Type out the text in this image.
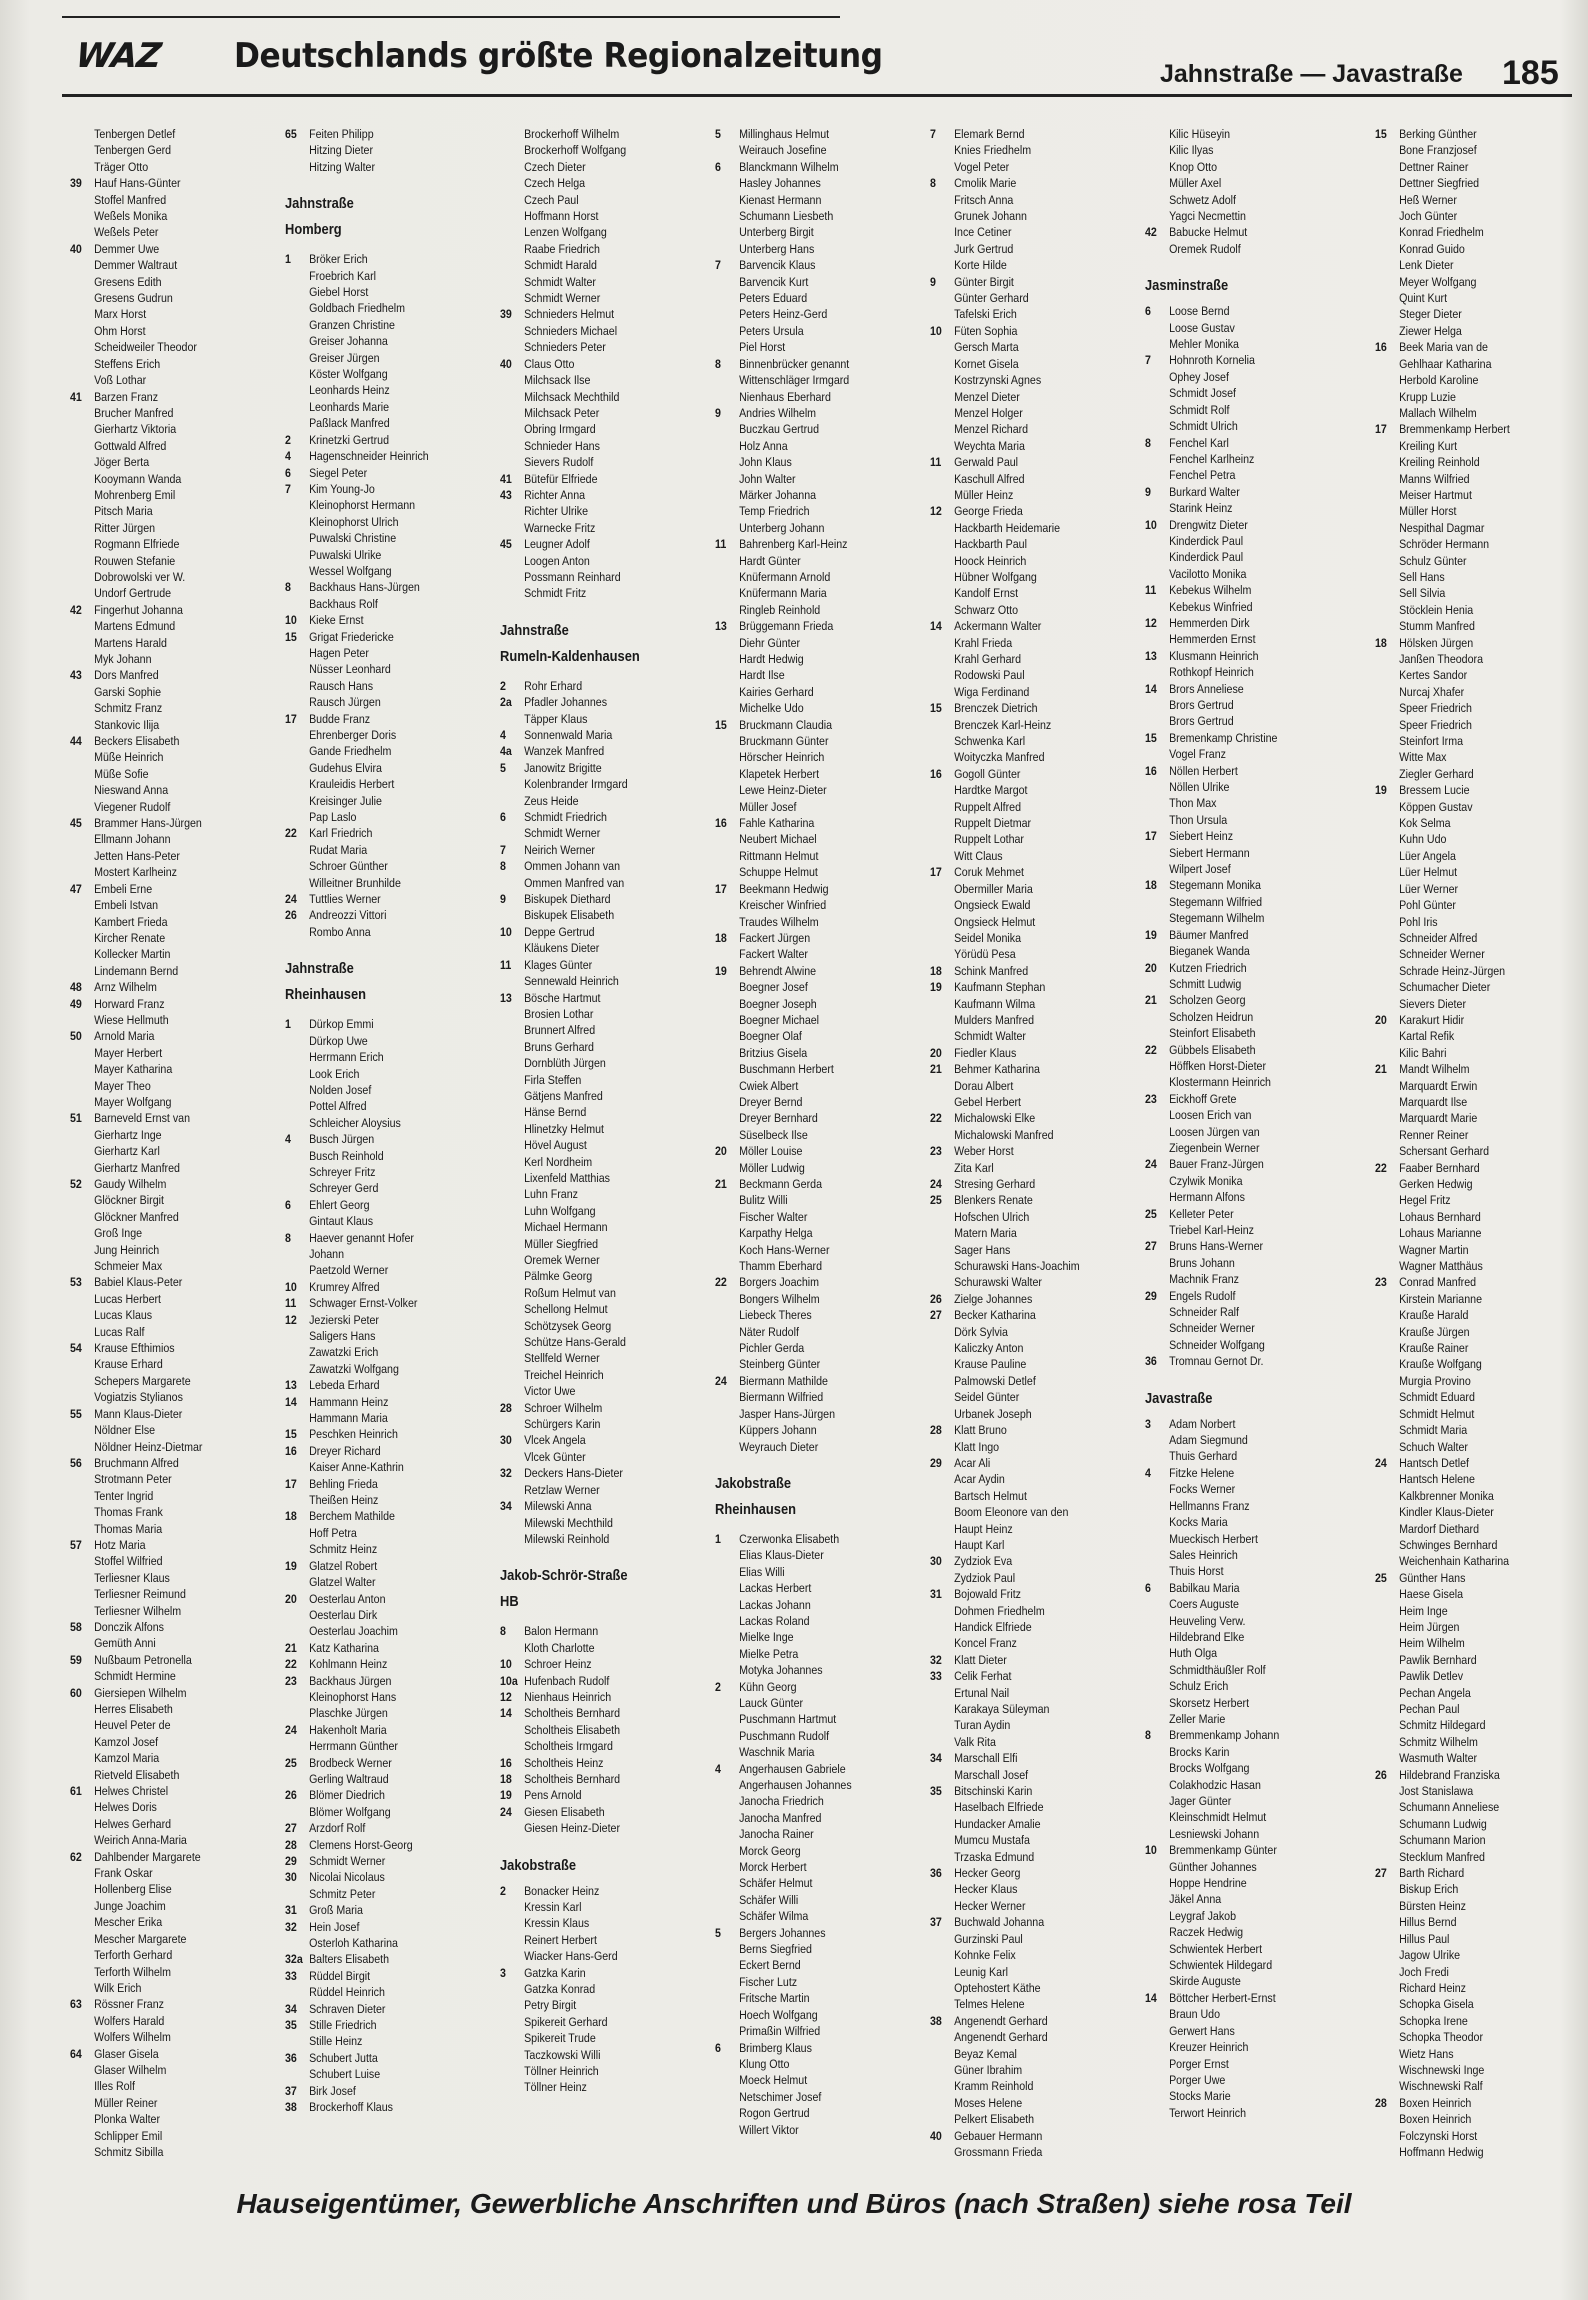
WAZ Deutschlands größte Regionalzeitung	Jahnstraße — Javastraße 185
Tenbergen Detlef
Tenbergen Gerd
Träger Otto
39 Hauf Hans-Günter
Stoffel Manfred
Weßels Monika
Weßels Peter
40 Demmer Uwe
Demmer Waltraut
Gresens Edith
Gresens Gudrun
Marx Horst
Ohm Horst
Scheidweiler Theodor
Steffens Erich
Voß Lothar
41 Barzen Franz
Brucher Manfred
Gierhartz Viktoria
Gottwald Alfred
Jöger Berta
Kooymann Wanda
Mohrenberg Emil
Pitsch Maria
Ritter Jürgen
Rogmann Elfriede
Rouwen Stefanie
Dobrowolski ver W.
Undorf Gertrude
42 Fingerhut Johanna
Martens Edmund
Martens Harald
Myk Johann
43 Dors Manfred
Garski Sophie
Schmitz Franz
Stankovic Ilija
44 Beckers Elisabeth
Müße Heinrich
Müße Sofie
Nieswand Anna
Viegener Rudolf
45 Brammer Hans-Jürgen
Ellmann Johann
Jetten Hans-Peter
Mostert Karlheinz
47 Embeli Erne
Embeli Istvan
Kambert Frieda
Kircher Renate
Kollecker Martin
Lindemann Bernd
48 Arnz Wilhelm
49 Horward Franz
Wiese Hellmuth
50 Arnold Maria
Mayer Herbert
Mayer Katharina
Mayer Theo
Mayer Wolfgang
51 Barneveld Ernst van
Gierhartz Inge
Gierhartz Karl
Gierhartz Manfred
52 Gaudy Wilhelm
Glöckner Birgit
Glöckner Manfred
Groß Inge
Jung Heinrich
Schmeier Max
53 Babiel Klaus-Peter
Lucas Herbert
Lucas Klaus
Lucas Ralf
54 Krause Efthimios
Krause Erhard
Schepers Margarete
Vogiatzis Stylianos
55 Mann Klaus-Dieter
Nöldner Else
Nöldner Heinz-Dietmar
56 Bruchmann Alfred
Strotmann Peter
Tenter Ingrid
Thomas Frank
Thomas Maria
57 Hotz Maria
Stoffel Wilfried
Terliesner Klaus
Terliesner Reimund
Terliesner Wilhelm
58 Donczik Alfons
Gemüth Anni
59 Nußbaum Petronella
Schmidt Hermine
60 Giersiepen Wilhelm
Herres Elisabeth
Heuvel Peter de
Kamzol Josef
Kamzol Maria
Rietveld Elisabeth
61 Helwes Christel
Helwes Doris
Helwes Gerhard
Weirich Anna-Maria
62 Dahlbender Margarete
Frank Oskar
Hollenberg Elise
Junge Joachim
Mescher Erika
Mescher Margarete
Terforth Gerhard
Terforth Wilhelm
Wilk Erich
63 Rössner Franz
Wolfers Harald
Wolfers Wilhelm
64 Glaser Gisela
Glaser Wilhelm
Illes Rolf
Müller Reiner
Plonka Walter
Schlipper Emil
Schmitz Sibilla
65 Feiten Philipp
Hitzing Dieter
Hitzing Walter
Jahnstraße
Homberg
1 Bröker Erich
Froebrich Karl
Giebel Horst
Goldbach Friedhelm
Granzen Christine
Greiser Johanna
Greiser Jürgen
Köster Wolfgang
Leonhards Heinz
Leonhards Marie
Paßlack Manfred
2 Krinetzki Gertrud
4 Hagenschneider Heinrich
6 Siegel Peter
7 Kim Young-Jo
Kleinophorst Hermann
Kleinophorst Ulrich
Puwalski Christine
Puwalski Ulrike
Wessel Wolfgang
8 Backhaus Hans-Jürgen
Backhaus Rolf
10 Kieke Ernst
15 Grigat Friedericke
Hagen Peter
Nüsser Leonhard
Rausch Hans
Rausch Jürgen
17 Budde Franz
Ehrenberger Doris
Gande Friedhelm
Gudehus Elvira
Krauleidis Herbert
Kreisinger Julie
Pap Laslo
22 Karl Friedrich
Rudat Maria
Schroer Günther
Willeitner Brunhilde
24 Tuttlies Werner
26 Andreozzi Vittori
Rombo Anna
Jahnstraße
Rheinhausen
1 Dürkop Emmi
Dürkop Uwe
Herrmann Erich
Look Erich
Nolden Josef
Pottel Alfred
Schleicher Aloysius
4 Busch Jürgen
Busch Reinhold
Schreyer Fritz
Schreyer Gerd
6 Ehlert Georg
Gintaut Klaus
8 Haever genannt Hofer
Johann
Paetzold Werner
10 Krumrey Alfred
11 Schwager Ernst-Volker
12 Jezierski Peter
Saligers Hans
Zawatzki Erich
Zawatzki Wolfgang
13 Lebeda Erhard
14 Hammann Heinz
Hammann Maria
15 Peschken Heinrich
16 Dreyer Richard
Kaiser Anne-Kathrin
17 Behling Frieda
Theißen Heinz
18 Berchem Mathilde
Hoff Petra
Schmitz Heinz
19 Glatzel Robert
Glatzel Walter
20 Oesterlau Anton
Oesterlau Dirk
Oesterlau Joachim
21 Katz Katharina
22 Kohlmann Heinz
23 Backhaus Jürgen
Kleinophorst Hans
Plaschke Jürgen
24 Hakenholt Maria
Herrmann Günther
25 Brodbeck Werner
Gerling Waltraud
26 Blömer Diedrich
Blömer Wolfgang
27 Arzdorf Rolf
28 Clemens Horst-Georg
29 Schmidt Werner
30 Nicolai Nicolaus
Schmitz Peter
31 Groß Maria
32 Hein Josef
Osterloh Katharina
32a Balters Elisabeth
33 Rüddel Birgit
Rüddel Heinrich
34 Schraven Dieter
35 Stille Friedrich
Stille Heinz
36 Schubert Jutta
Schubert Luise
37 Birk Josef
38 Brockerhoff Klaus
Brockerhoff Wilhelm
Brockerhoff Wolfgang
Czech Dieter
Czech Helga
Czech Paul
Hoffmann Horst
Lenzen Wolfgang
Raabe Friedrich
Schmidt Harald
Schmidt Walter
Schmidt Werner
39 Schnieders Helmut
Schnieders Michael
Schnieders Peter
40 Claus Otto
Milchsack Ilse
Milchsack Mechthild
Milchsack Peter
Obring Irmgard
Schnieder Hans
Sievers Rudolf
41 Bütefür Elfriede
43 Richter Anna
Richter Ulrike
Warnecke Fritz
45 Leugner Adolf
Loogen Anton
Possmann Reinhard
Schmidt Fritz
Jahnstraße
Rumeln-Kaldenhausen
2 Rohr Erhard
2a Pfadler Johannes
Täpper Klaus
4 Sonnenwald Maria
4a Wanzek Manfred
5 Janowitz Brigitte
Kolenbrander Irmgard
Zeus Heide
6 Schmidt Friedrich
Schmidt Werner
7 Neirich Werner
8 Ommen Johann van
Ommen Manfred van
9 Biskupek Diethard
Biskupek Elisabeth
10 Deppe Gertrud
Kläukens Dieter
11 Klages Günter
Sennewald Heinrich
13 Bösche Hartmut
Brosien Lothar
Brunnert Alfred
Bruns Gerhard
Dornblüth Jürgen
Firla Steffen
Gätjens Manfred
Hänse Bernd
Hlinetzky Helmut
Hövel August
Kerl Nordheim
Lixenfeld Matthias
Luhn Franz
Luhn Wolfgang
Michael Hermann
Müller Siegfried
Oremek Werner
Pälmke Georg
Roßum Helmut van
Schellong Helmut
Schötzysek Georg
Schütze Hans-Gerald
Stellfeld Werner
Treichel Heinrich
Victor Uwe
28 Schroer Wilhelm
Schürgers Karin
30 Vlcek Angela
Vlcek Günter
32 Deckers Hans-Dieter
Retzlaw Werner
34 Milewski Anna
Milewski Mechthild
Milewski Reinhold
Jakob-Schrör-Straße
HB
8 Balon Hermann
Kloth Charlotte
10 Schroer Heinz
10a Hufenbach Rudolf
12 Nienhaus Heinrich
14 Scholtheis Bernhard
Scholtheis Elisabeth
Scholtheis Irmgard
16 Scholtheis Heinz
18 Scholtheis Bernhard
19 Pens Arnold
24 Giesen Elisabeth
Giesen Heinz-Dieter
Jakobstraße
2 Bonacker Heinz
Kressin Karl
Kressin Klaus
Reinert Herbert
Wiacker Hans-Gerd
3 Gatzka Karin
Gatzka Konrad
Petry Birgit
Spikereit Gerhard
Spikereit Trude
Taczkowski Willi
Töllner Heinrich
Töllner Heinz
5 Millinghaus Helmut
Weirauch Josefine
6 Blanckmann Wilhelm
Hasley Johannes
Kienast Hermann
Schumann Liesbeth
Unterberg Birgit
Unterberg Hans
7 Barvencik Klaus
Barvencik Kurt
Peters Eduard
Peters Heinz-Gerd
Peters Ursula
Piel Horst
8 Binnenbrücker genannt
Wittenschläger Irmgard
Nienhaus Eberhard
9 Andries Wilhelm
Buczkau Gertrud
Holz Anna
John Klaus
John Walter
Märker Johanna
Temp Friedrich
Unterberg Johann
11 Bahrenberg Karl-Heinz
Hardt Günter
Knüfermann Arnold
Knüfermann Maria
Ringleb Reinhold
13 Brüggemann Frieda
Diehr Günter
Hardt Hedwig
Hardt Ilse
Kairies Gerhard
Michelke Udo
15 Bruckmann Claudia
Bruckmann Günter
Hörscher Heinrich
Klapetek Herbert
Lewe Heinz-Dieter
Müller Josef
16 Fahle Katharina
Neubert Michael
Rittmann Helmut
Schuppe Helmut
17 Beekmann Hedwig
Kreischer Winfried
Traudes Wilhelm
18 Fackert Jürgen
Fackert Walter
19 Behrendt Alwine
Boegner Josef
Boegner Joseph
Boegner Michael
Boegner Olaf
Britzius Gisela
Buschmann Herbert
Cwiek Albert
Dreyer Bernd
Dreyer Bernhard
Süselbeck Ilse
20 Möller Louise
Möller Ludwig
21 Beckmann Gerda
Bulitz Willi
Fischer Walter
Karpathy Helga
Koch Hans-Werner
Thamm Eberhard
22 Borgers Joachim
Bongers Wilhelm
Liebeck Theres
Näter Rudolf
Pichler Gerda
Steinberg Günter
24 Biermann Mathilde
Biermann Wilfried
Jasper Hans-Jürgen
Küppers Johann
Weyrauch Dieter
Jakobstraße
Rheinhausen
1 Czerwonka Elisabeth
Elias Klaus-Dieter
Elias Willi
Lackas Herbert
Lackas Johann
Lackas Roland
Mielke Inge
Mielke Petra
Motyka Johannes
2 Kühn Georg
Lauck Günter
Puschmann Hartmut
Puschmann Rudolf
Waschnik Maria
4 Angerhausen Gabriele
Angerhausen Johannes
Janocha Friedrich
Janocha Manfred
Janocha Rainer
Morck Georg
Morck Herbert
Schäfer Helmut
Schäfer Willi
Schäfer Wilma
5 Bergers Johannes
Berns Siegfried
Eckert Bernd
Fischer Lutz
Fritsche Martin
Hoech Wolfgang
Primaßin Wilfried
6 Brimberg Klaus
Klung Otto
Moeck Helmut
Netschimer Josef
Rogon Gertrud
Willert Viktor
7 Elemark Bernd
Knies Friedhelm
Vogel Peter
8 Cmolik Marie
Fritsch Anna
Grunek Johann
Ince Cetiner
Jurk Gertrud
Korte Hilde
9 Günter Birgit
Günter Gerhard
Tafelski Erich
10 Füten Sophia
Gersch Marta
Kornet Gisela
Kostrzynski Agnes
Menzel Dieter
Menzel Holger
Menzel Richard
Weychta Maria
11 Gerwald Paul
Kaschull Alfred
Müller Heinz
12 George Frieda
Hackbarth Heidemarie
Hackbarth Paul
Hoock Heinrich
Hübner Wolfgang
Kandolf Ernst
Schwarz Otto
14 Ackermann Walter
Krahl Frieda
Krahl Gerhard
Rodowski Paul
Wiga Ferdinand
15 Brenczek Dietrich
Brenczek Karl-Heinz
Schwenka Karl
Woityczka Manfred
16 Gogoll Günter
Hardtke Margot
Ruppelt Alfred
Ruppelt Dietmar
Ruppelt Lothar
Witt Claus
17 Coruk Mehmet
Obermiller Maria
Ongsieck Ewald
Ongsieck Helmut
Seidel Monika
Yörüdü Pesa
18 Schink Manfred
19 Kaufmann Stephan
Kaufmann Wilma
Mulders Manfred
Schmidt Walter
20 Fiedler Klaus
21 Behmer Katharina
Dorau Albert
Gebel Herbert
22 Michalowski Elke
Michalowski Manfred
23 Weber Horst
Zita Karl
24 Stresing Gerhard
25 Blenkers Renate
Hofschen Ulrich
Matern Maria
Sager Hans
Schurawski Hans-Joachim
Schurawski Walter
26 Zielge Johannes
27 Becker Katharina
Dörk Sylvia
Kaliczky Anton
Krause Pauline
Palmowski Detlef
Seidel Günter
Urbanek Joseph
28 Klatt Bruno
Klatt Ingo
29 Acar Ali
Acar Aydin
Bartsch Helmut
Boom Eleonore van den
Haupt Heinz
Haupt Karl
30 Zydziok Eva
Zydziok Paul
31 Bojowald Fritz
Dohmen Friedhelm
Handick Elfriede
Koncel Franz
32 Klatt Dieter
33 Celik Ferhat
Ertunal Nail
Karakaya Süleyman
Turan Aydin
Valk Rita
34 Marschall Elfi
Marschall Josef
35 Bitschinski Karin
Haselbach Elfriede
Hundacker Amalie
Mumcu Mustafa
Trzaska Edmund
36 Hecker Georg
Hecker Klaus
Hecker Werner
37 Buchwald Johanna
Gurzinski Paul
Kohnke Felix
Leunig Karl
Optehostert Käthe
Telmes Helene
38 Angenendt Gerhard
Angenendt Gerhard
Beyaz Kemal
Güner Ibrahim
Kramm Reinhold
Moses Helene
Pelkert Elisabeth
40 Gebauer Hermann
Grossmann Frieda
Kilic Hüseyin
Kilic Ilyas
Knop Otto
Müller Axel
Schwetz Adolf
Yagci Necmettin
42 Babucke Helmut
Oremek Rudolf
Jasminstraße
6 Loose Bernd
Loose Gustav
Mehler Monika
7 Hohnroth Kornelia
Ophey Josef
Schmidt Josef
Schmidt Rolf
Schmidt Ulrich
8 Fenchel Karl
Fenchel Karlheinz
Fenchel Petra
9 Burkard Walter
Starink Heinz
10 Drengwitz Dieter
Kinderdick Paul
Kinderdick Paul
Vacilotto Monika
11 Kebekus Wilhelm
Kebekus Winfried
12 Hemmerden Dirk
Hemmerden Ernst
13 Klusmann Heinrich
Rothkopf Heinrich
14 Brors Anneliese
Brors Gertrud
Brors Gertrud
15 Bremenkamp Christine
Vogel Franz
16 Nöllen Herbert
Nöllen Ulrike
Thon Max
Thon Ursula
17 Siebert Heinz
Siebert Hermann
Wilpert Josef
18 Stegemann Monika
Stegemann Wilfried
Stegemann Wilhelm
19 Bäumer Manfred
Bieganek Wanda
20 Kutzen Friedrich
Schmitt Ludwig
21 Scholzen Georg
Scholzen Heidrun
Steinfort Elisabeth
22 Gübbels Elisabeth
Höffken Horst-Dieter
Klostermann Heinrich
23 Eickhoff Grete
Loosen Erich van
Loosen Jürgen van
Ziegenbein Werner
24 Bauer Franz-Jürgen
Czylwik Monika
Hermann Alfons
25 Kelleter Peter
Triebel Karl-Heinz
27 Bruns Hans-Werner
Bruns Johann
Machnik Franz
29 Engels Rudolf
Schneider Ralf
Schneider Werner
Schneider Wolfgang
36 Tromnau Gernot Dr.
Javastraße
3 Adam Norbert
Adam Siegmund
Thuis Gerhard
4 Fitzke Helene
Focks Werner
Hellmanns Franz
Kocks Maria
Mueckisch Herbert
Sales Heinrich
Thuis Horst
6 Babilkau Maria
Coers Auguste
Heuveling Verw.
Hildebrand Elke
Huth Olga
Schmidthäußler Rolf
Schulz Erich
Skorsetz Herbert
Zeller Marie
8 Bremmenkamp Johann
Brocks Karin
Brocks Wolfgang
Colakhodzic Hasan
Jager Günter
Kleinschmidt Helmut
Lesniewski Johann
10 Bremmenkamp Günter
Günther Johannes
Hoppe Hendrine
Jäkel Anna
Leygraf Jakob
Raczek Hedwig
Schwientek Herbert
Schwientek Hildegard
Skirde Auguste
14 Böttcher Herbert-Ernst
Braun Udo
Gerwert Hans
Kreuzer Heinrich
Porger Ernst
Porger Uwe
Stocks Marie
Terwort Heinrich
15 Berking Günther
Bone Franzjosef
Dettner Rainer
Dettner Siegfried
Heß Werner
Joch Günter
Konrad Friedhelm
Konrad Guido
Lenk Dieter
Meyer Wolfgang
Quint Kurt
Steger Dieter
Ziewer Helga
16 Beek Maria van de
Gehlhaar Katharina
Herbold Karoline
Krupp Luzie
Mallach Wilhelm
17 Bremmenkamp Herbert
Kreiling Kurt
Kreiling Reinhold
Manns Wilfried
Meiser Hartmut
Müller Horst
Nespithal Dagmar
Schröder Hermann
Schulz Günter
Sell Hans
Sell Silvia
Stöcklein Henia
Stumm Manfred
18 Hölsken Jürgen
Janßen Theodora
Kertes Sandor
Nurcaj Xhafer
Speer Friedrich
Speer Friedrich
Steinfort Irma
Witte Max
Ziegler Gerhard
19 Bressem Lucie
Köppen Gustav
Kok Selma
Kuhn Udo
Lüer Angela
Lüer Helmut
Lüer Werner
Pohl Günter
Pohl Iris
Schneider Alfred
Schneider Werner
Schrade Heinz-Jürgen
Schumacher Dieter
Sievers Dieter
20 Karakurt Hidir
Kartal Refik
Kilic Bahri
21 Mandt Wilhelm
Marquardt Erwin
Marquardt Ilse
Marquardt Marie
Renner Reiner
Schersant Gerhard
22 Faaber Bernhard
Gerken Hedwig
Hegel Fritz
Lohaus Bernhard
Lohaus Marianne
Wagner Martin
Wagner Matthäus
23 Conrad Manfred
Kirstein Marianne
Krauße Harald
Kraußе Jürgen
Kraußе Rainer
Kraußе Wolfgang
Murgia Provino
Schmidt Eduard
Schmidt Helmut
Schmidt Maria
Schuch Walter
24 Hantsch Detlef
Hantsch Helene
Kalkbrenner Monika
Kindler Klaus-Dieter
Mardorf Diethard
Schwinges Bernhard
Weichenhain Katharina
25 Günther Hans
Haese Gisela
Heim Inge
Heim Jürgen
Heim Wilhelm
Pawlik Bernhard
Pawlik Detlev
Pechan Angela
Pechan Paul
Schmitz Hildegard
Schmitz Wilhelm
Wasmuth Walter
26 Hildebrand Franziska
Jost Stanislawa
Schumann Anneliese
Schumann Ludwig
Schumann Marion
Stecklum Manfred
27 Barth Richard
Biskup Erich
Bürsten Heinz
Hillus Bernd
Hillus Paul
Jagow Ulrike
Joch Fredi
Richard Heinz
Schopka Gisela
Schopka Irene
Schopka Theodor
Wietz Hans
Wischnewski Inge
Wischnewski Ralf
28 Boxen Heinrich
Boxen Heinrich
Folczynski Horst
Hoffmann Hedwig
Hauseigentümer, Gewerbliche Anschriften und Büros (nach Straßen) siehe rosa Teil
